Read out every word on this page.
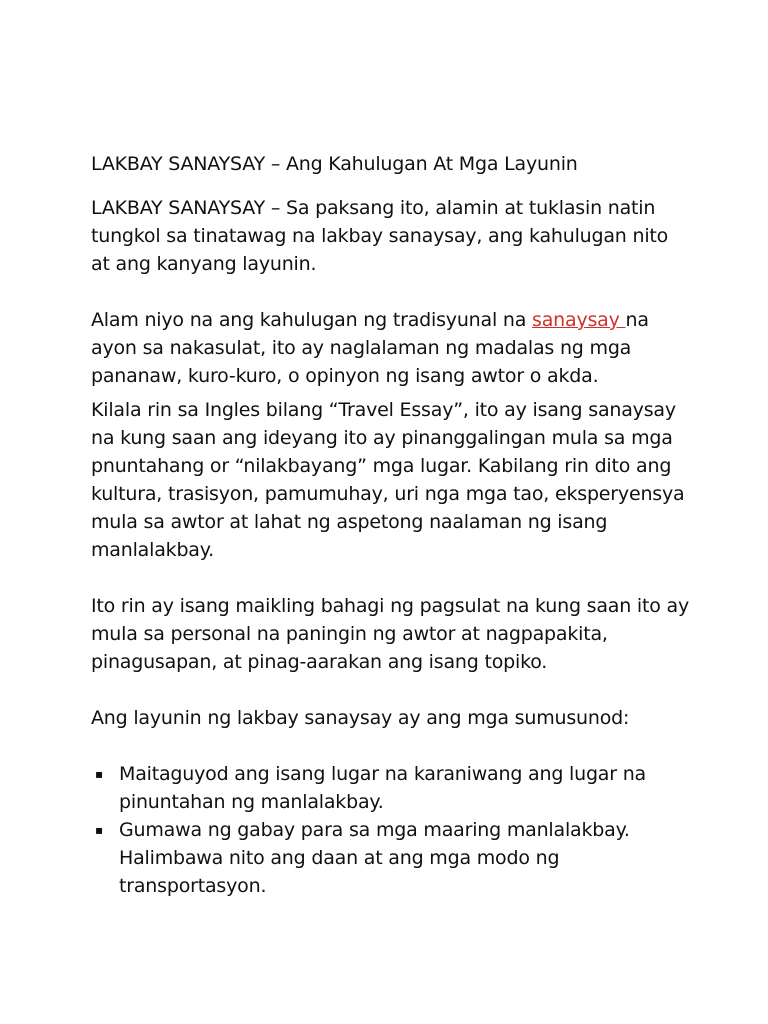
LAKBAY SANAYSAY – Ang Kahulugan At Mga Layunin

LAKBAY SANAYSAY – Sa paksang ito, alamin at tuklasin natin tungkol sa tinatawag na lakbay sanaysay, ang kahulugan nito at ang kanyang layunin.

Alam niyo na ang kahulugan ng tradisyunal na sanaysay na ayon sa nakasulat, ito ay naglalaman ng madalas ng mga pananaw, kuro-kuro, o opinyon ng isang awtor o akda.

Kilala rin sa Ingles bilang “Travel Essay”, ito ay isang sanaysay na kung saan ang ideyang ito ay pinanggalingan mula sa mga pnuntahang or “nilakbayang” mga lugar. Kabilang rin dito ang kultura, trasisyon, pamumuhay, uri nga mga tao, eksperyensya mula sa awtor at lahat ng aspetong naalaman ng isang manlalakbay.

Ito rin ay isang maikling bahagi ng pagsulat na kung saan ito ay mula sa personal na paningin ng awtor at nagpapakita, pinagusapan, at pinag-aarakan ang isang topiko.

Ang layunin ng lakbay sanaysay ay ang mga sumusunod:

▪ Maitaguyod ang isang lugar na karaniwang ang lugar na pinuntahan ng manlalakbay.
▪ Gumawa ng gabay para sa mga maaring manlalakbay. Halimbawa nito ang daan at ang mga modo ng transportasyon.
